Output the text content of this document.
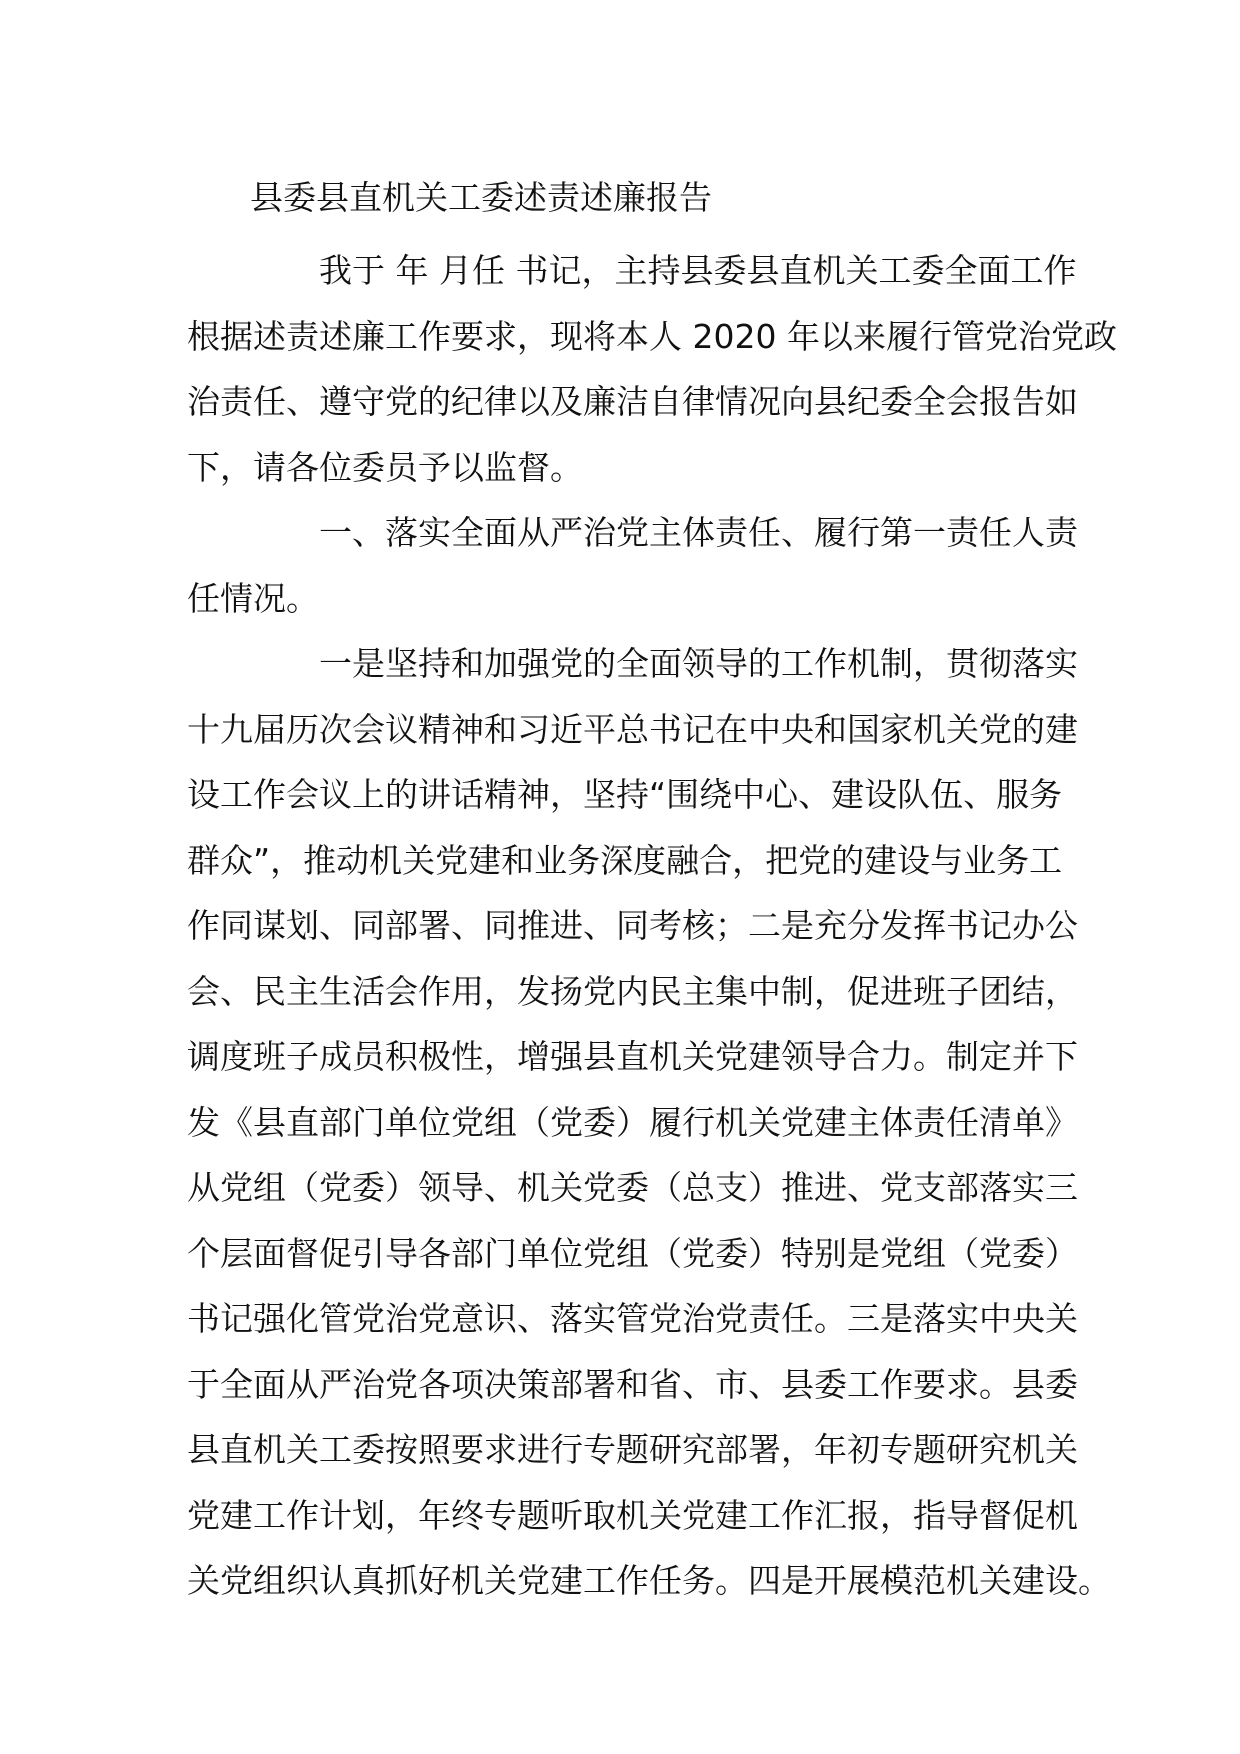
县委县直机关工委述责述廉报告
我于 年 月任 书记，主持县委县直机关工委全面工作
根据述责述廉工作要求，现将本人 2020 年以来履行管党治党政
治责任、遵守党的纪律以及廉洁自律情况向县纪委全会报告如
下，请各位委员予以监督。
一、落实全面从严治党主体责任、履行第一责任人责
任情况。
一是坚持和加强党的全面领导的工作机制，贯彻落实
十九届历次会议精神和习近平总书记在中央和国家机关党的建
设工作会议上的讲话精神，坚持“围绕中心、建设队伍、服务
群众”，推动机关党建和业务深度融合，把党的建设与业务工
作同谋划、同部署、同推进、同考核；二是充分发挥书记办公
会、民主生活会作用，发扬党内民主集中制，促进班子团结，
调度班子成员积极性，增强县直机关党建领导合力。制定并下
发《县直部门单位党组（党委）履行机关党建主体责任清单》
从党组（党委）领导、机关党委（总支）推进、党支部落实三
个层面督促引导各部门单位党组（党委）特别是党组（党委）
书记强化管党治党意识、落实管党治党责任。三是落实中央关
于全面从严治党各项决策部署和省、市、县委工作要求。县委
县直机关工委按照要求进行专题研究部署，年初专题研究机关
党建工作计划，年终专题听取机关党建工作汇报，指导督促机
关党组织认真抓好机关党建工作任务。四是开展模范机关建设。
